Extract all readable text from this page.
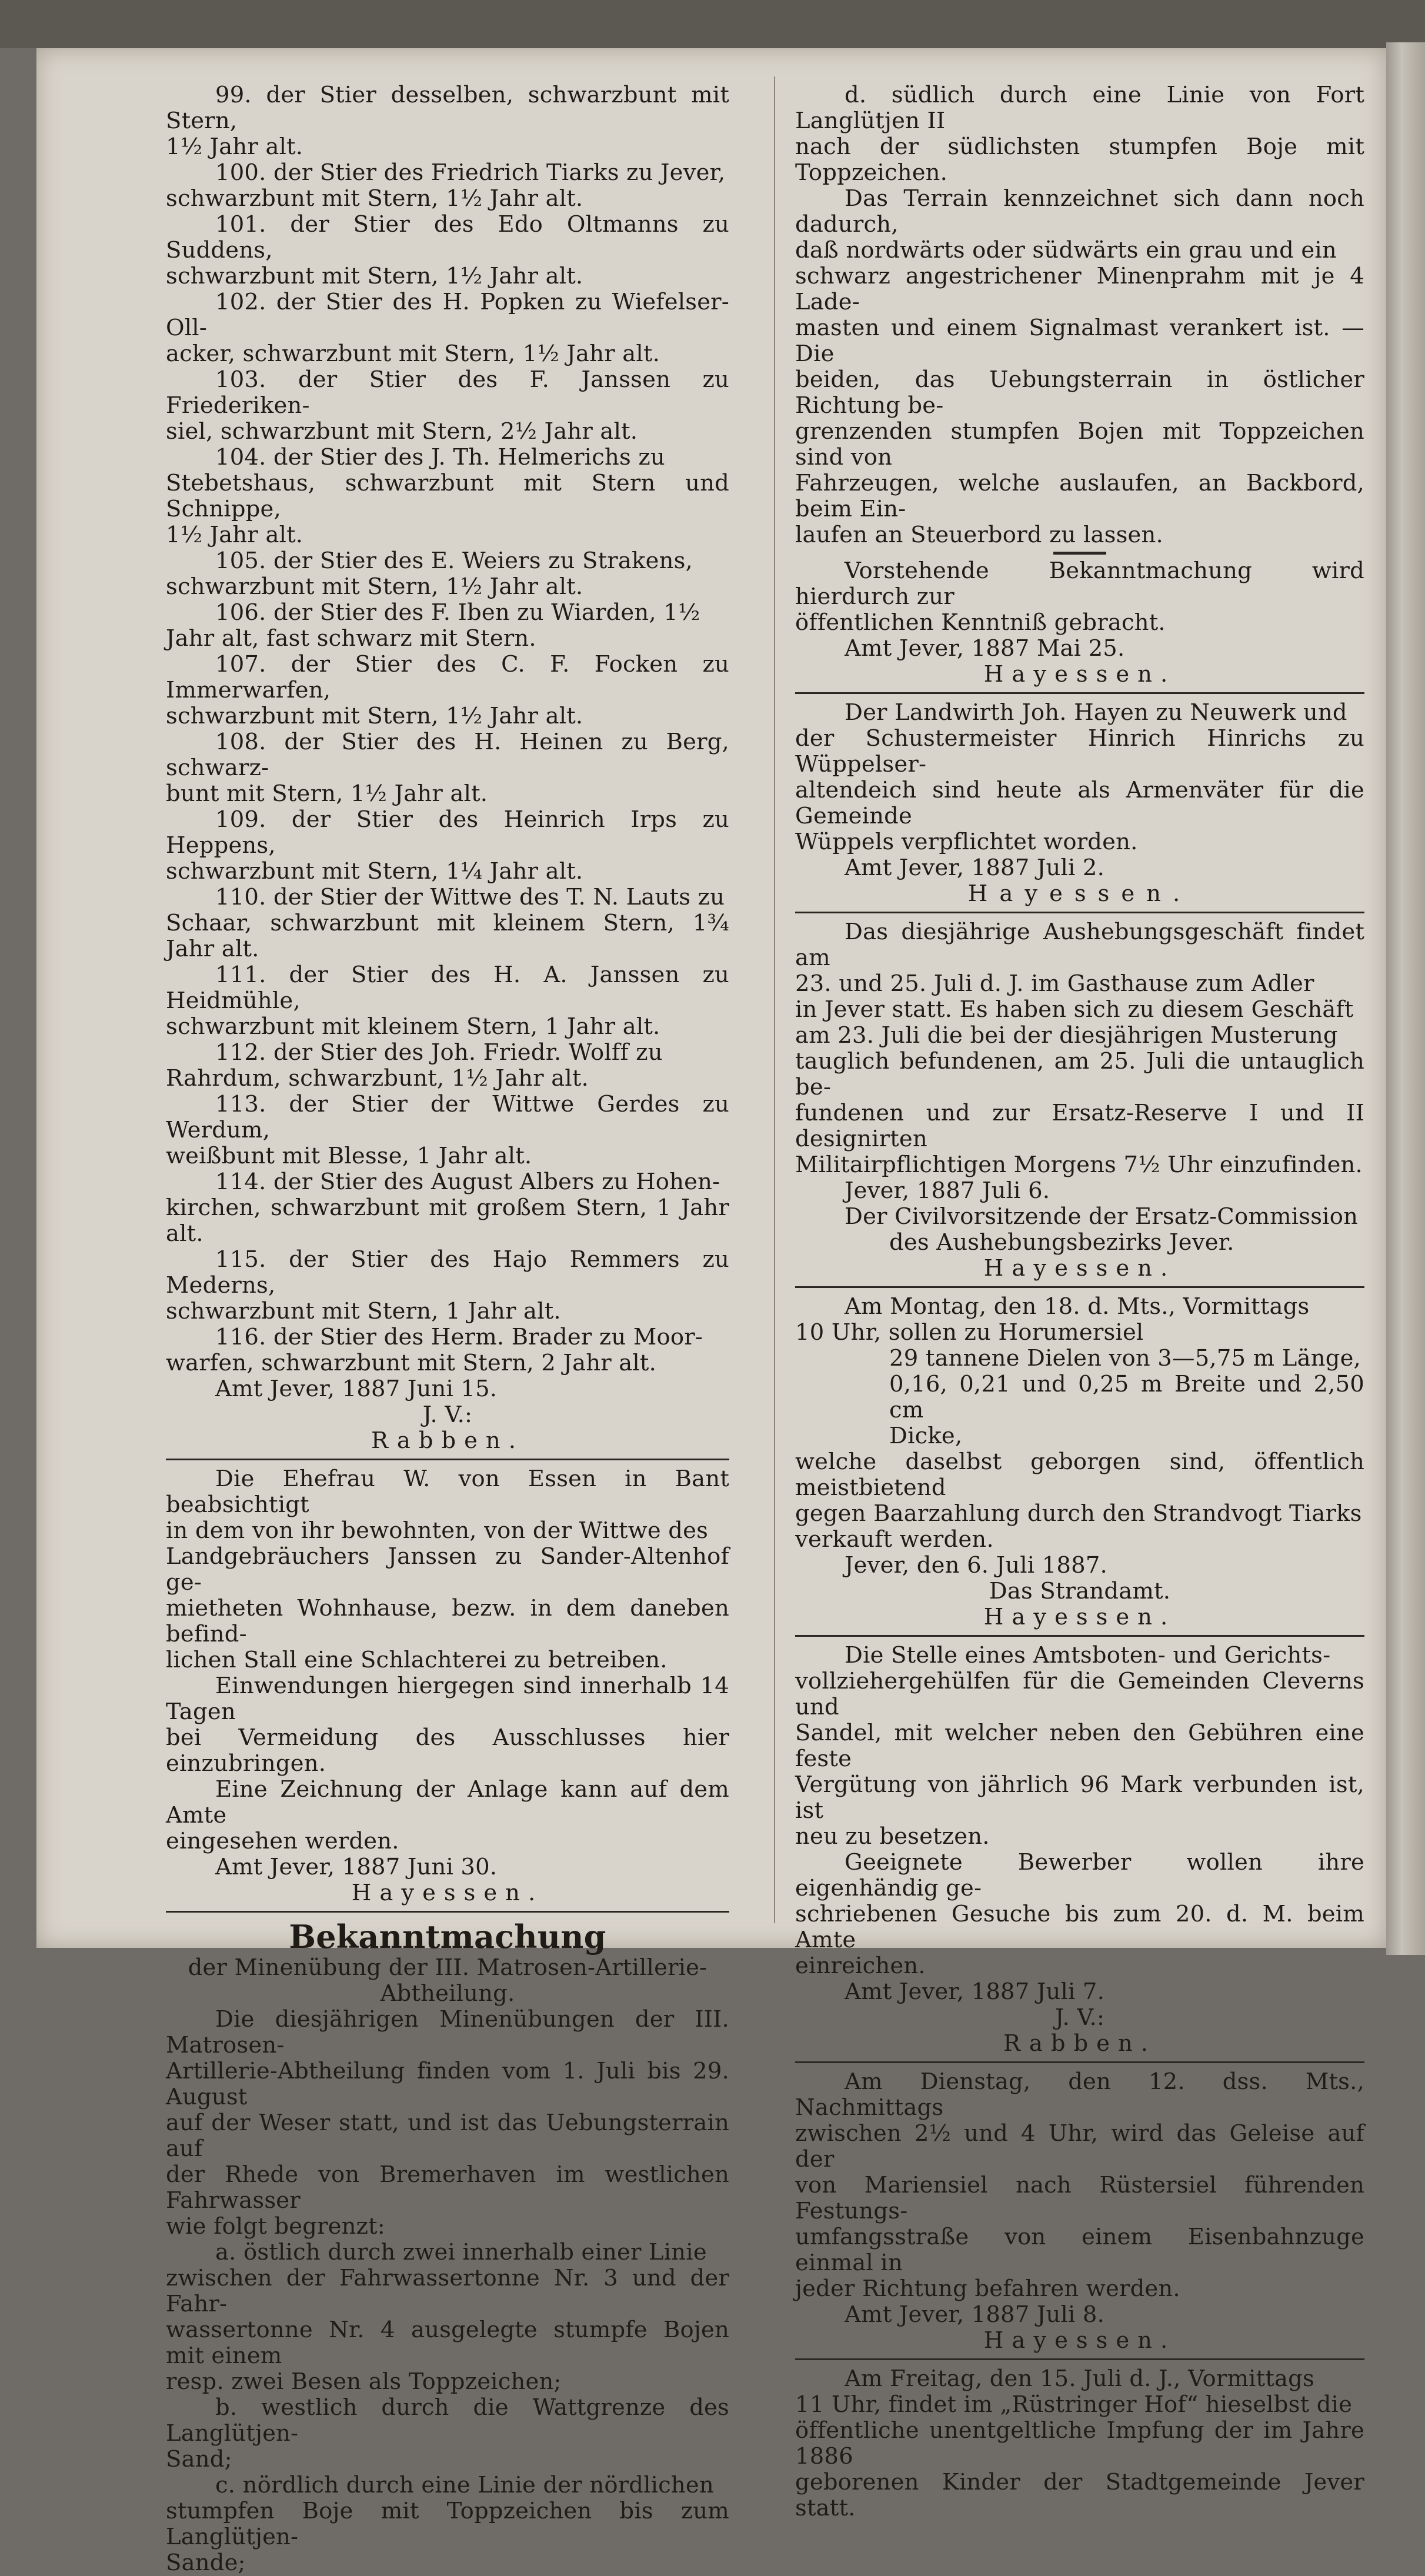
99. der Stier desselben, schwarzbunt mit Stern,

1½ Jahr alt.

100. der Stier des Friedrich Tiarks zu Jever,

schwarzbunt mit Stern, 1½ Jahr alt.

101. der Stier des Edo Oltmanns zu Suddens,

schwarzbunt mit Stern, 1½ Jahr alt.

102. der Stier des H. Popken zu Wiefelser-Oll-

acker, schwarzbunt mit Stern, 1½ Jahr alt.

103. der Stier des F. Janssen zu Friederiken-

siel, schwarzbunt mit Stern, 2½ Jahr alt.

104. der Stier des J. Th. Helmerichs zu

Stebetshaus, schwarzbunt mit Stern und Schnippe,

1½ Jahr alt.

105. der Stier des E. Weiers zu Strakens,

schwarzbunt mit Stern, 1½ Jahr alt.

106. der Stier des F. Iben zu Wiarden, 1½

Jahr alt, fast schwarz mit Stern.

107. der Stier des C. F. Focken zu Immerwarfen,

schwarzbunt mit Stern, 1½ Jahr alt.

108. der Stier des H. Heinen zu Berg, schwarz-

bunt mit Stern, 1½ Jahr alt.

109. der Stier des Heinrich Irps zu Heppens,

schwarzbunt mit Stern, 1¼ Jahr alt.

110. der Stier der Wittwe des T. N. Lauts zu

Schaar, schwarzbunt mit kleinem Stern, 1¾ Jahr alt.

111. der Stier des H. A. Janssen zu Heidmühle,

schwarzbunt mit kleinem Stern, 1 Jahr alt.

112. der Stier des Joh. Friedr. Wolff zu

Rahrdum, schwarzbunt, 1½ Jahr alt.

113. der Stier der Wittwe Gerdes zu Werdum,

weißbunt mit Blesse, 1 Jahr alt.

114. der Stier des August Albers zu Hohen-

kirchen, schwarzbunt mit großem Stern, 1 Jahr alt.

115. der Stier des Hajo Remmers zu Mederns,

schwarzbunt mit Stern, 1 Jahr alt.

116. der Stier des Herm. Brader zu Moor-

warfen, schwarzbunt mit Stern, 2 Jahr alt.

Amt Jever, 1887 Juni 15.

J. V.:

Rabben.

Die Ehefrau W. von Essen in Bant beabsichtigt

in dem von ihr bewohnten, von der Wittwe des

Landgebräuchers Janssen zu Sander-Altenhof ge-

mietheten Wohnhause, bezw. in dem daneben befind-

lichen Stall eine Schlachterei zu betreiben.

Einwendungen hiergegen sind innerhalb 14 Tagen

bei Vermeidung des Ausschlusses hier einzubringen.

Eine Zeichnung der Anlage kann auf dem Amte

eingesehen werden.

Amt Jever, 1887 Juni 30.

Hayessen.

Bekanntmachung

der Minenübung der III. Matrosen-Artillerie-

Abtheilung.

Die diesjährigen Minenübungen der III. Matrosen-

Artillerie-Abtheilung finden vom 1. Juli bis 29. August

auf der Weser statt, und ist das Uebungsterrain auf

der Rhede von Bremerhaven im westlichen Fahrwasser

wie folgt begrenzt:

a. östlich durch zwei innerhalb einer Linie

zwischen der Fahrwassertonne Nr. 3 und der Fahr-

wassertonne Nr. 4 ausgelegte stumpfe Bojen mit einem

resp. zwei Besen als Toppzeichen;

b. westlich durch die Wattgrenze des Langlütjen-

Sand;

c. nördlich durch eine Linie der nördlichen

stumpfen Boje mit Toppzeichen bis zum Langlütjen-

Sande;

d. südlich durch eine Linie von Fort Langlütjen II

nach der südlichsten stumpfen Boje mit Toppzeichen.

Das Terrain kennzeichnet sich dann noch dadurch,

daß nordwärts oder südwärts ein grau und ein

schwarz angestrichener Minenprahm mit je 4 Lade-

masten und einem Signalmast verankert ist. — Die

beiden, das Uebungsterrain in östlicher Richtung be-

grenzenden stumpfen Bojen mit Toppzeichen sind von

Fahrzeugen, welche auslaufen, an Backbord, beim Ein-

laufen an Steuerbord zu lassen.

Vorstehende Bekanntmachung wird hierdurch zur

öffentlichen Kenntniß gebracht.

Amt Jever, 1887 Mai 25.

Hayessen.

Der Landwirth Joh. Hayen zu Neuwerk und

der Schustermeister Hinrich Hinrichs zu Wüppelser-

altendeich sind heute als Armenväter für die Gemeinde

Wüppels verpflichtet worden.

Amt Jever, 1887 Juli 2.

Hayessen.

Das diesjährige Aushebungsgeschäft findet am

23. und 25. Juli d. J. im Gasthause zum Adler

in Jever statt. Es haben sich zu diesem Geschäft

am 23. Juli die bei der diesjährigen Musterung

tauglich befundenen, am 25. Juli die untauglich be-

fundenen und zur Ersatz-Reserve I und II designirten

Militairpflichtigen Morgens 7½ Uhr einzufinden.

Jever, 1887 Juli 6.

Der Civilvorsitzende der Ersatz-Commission

des Aushebungsbezirks Jever.

Hayessen.

Am Montag, den 18. d. Mts., Vormittags

10 Uhr, sollen zu Horumersiel

29 tannene Dielen von 3—5,75 m Länge,

0,16, 0,21 und 0,25 m Breite und 2,50 cm

Dicke,

welche daselbst geborgen sind, öffentlich meistbietend

gegen Baarzahlung durch den Strandvogt Tiarks

verkauft werden.

Jever, den 6. Juli 1887.

Das Strandamt.

Hayessen.

Die Stelle eines Amtsboten- und Gerichts-

vollziehergehülfen für die Gemeinden Cleverns und

Sandel, mit welcher neben den Gebühren eine feste

Vergütung von jährlich 96 Mark verbunden ist, ist

neu zu besetzen.

Geeignete Bewerber wollen ihre eigenhändig ge-

schriebenen Gesuche bis zum 20. d. M. beim Amte

einreichen.

Amt Jever, 1887 Juli 7.

J. V.:

Rabben.

Am Dienstag, den 12. dss. Mts., Nachmittags

zwischen 2½ und 4 Uhr, wird das Geleise auf der

von Mariensiel nach Rüstersiel führenden Festungs-

umfangsstraße von einem Eisenbahnzuge einmal in

jeder Richtung befahren werden.

Amt Jever, 1887 Juli 8.

Hayessen.

Am Freitag, den 15. Juli d. J., Vormittags

11 Uhr, findet im „Rüstringer Hof“ hieselbst die

öffentliche unentgeltliche Impfung der im Jahre 1886

geborenen Kinder der Stadtgemeinde Jever statt.
